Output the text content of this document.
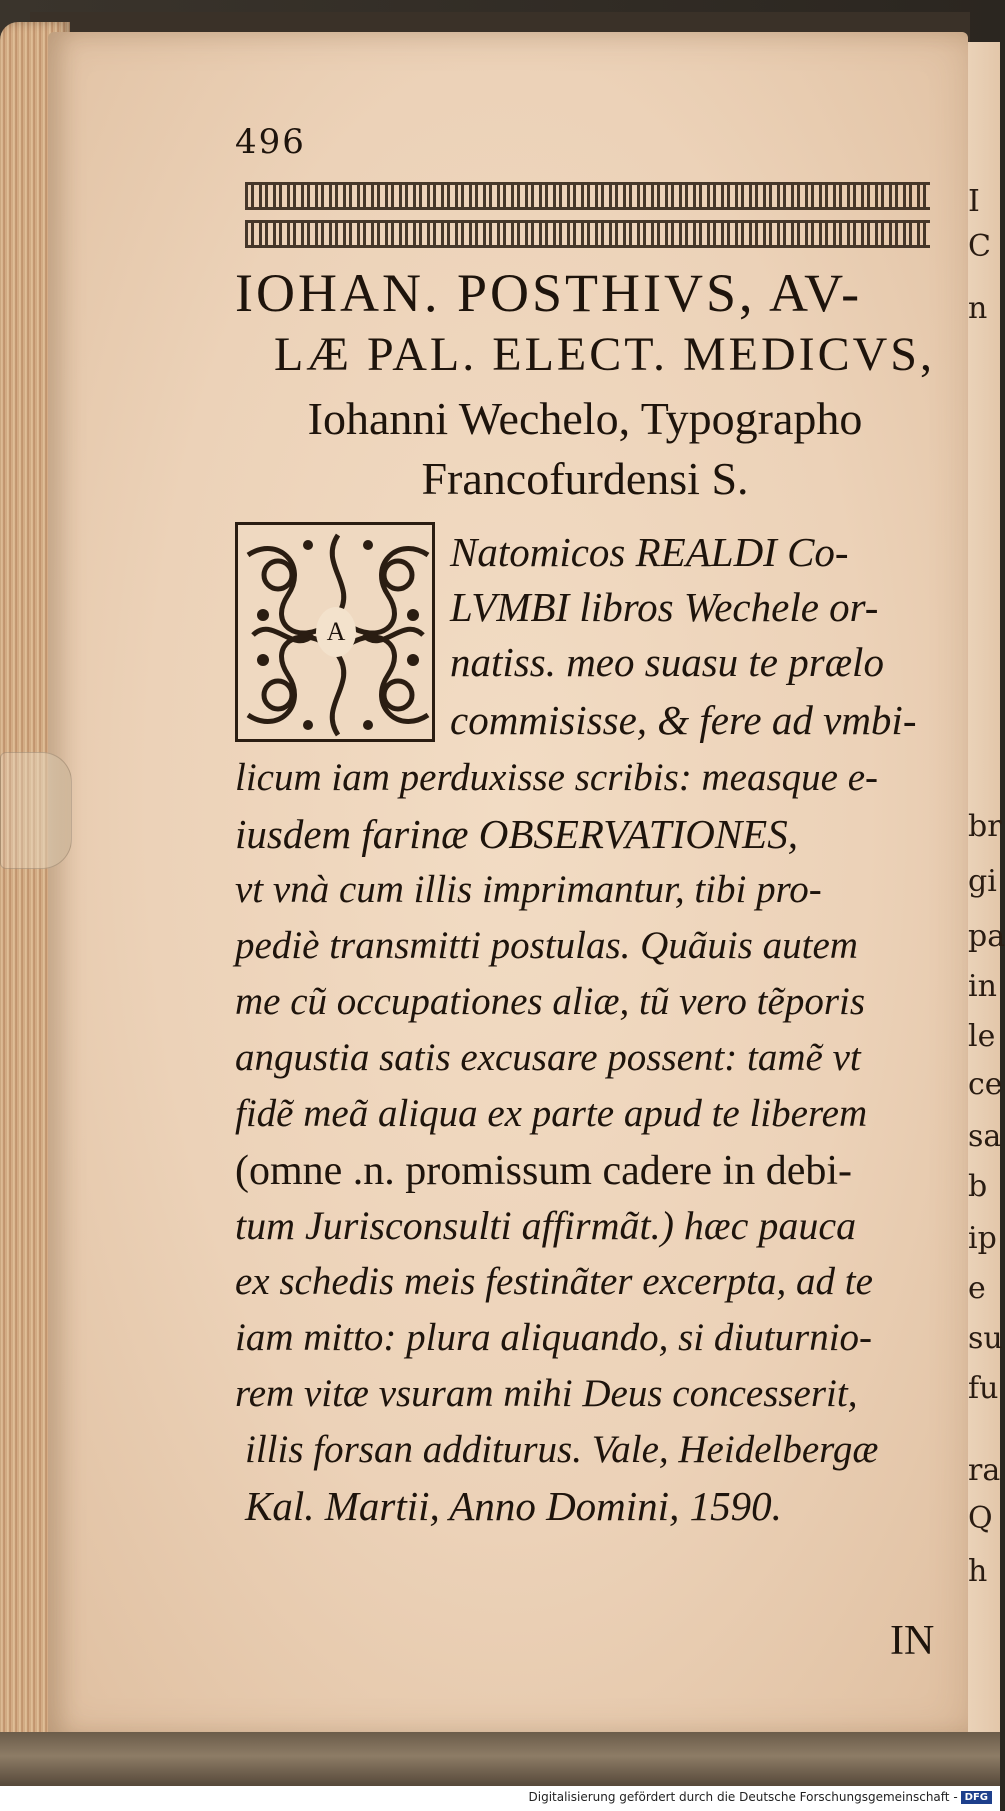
I
C
n
br
gi
pa
in
le
ce
sa
b
ip
e
su
fu
ra
Q
h
496
IOHAN. POSTHIVS, AV-
LÆ PAL. ELECT. MEDICVS,
Iohanni Wechelo, Typographo
Francofurdensi S.
A
Natomicos REALDI Co-
LVMBI libros Wechele or-
natiss. meo suasu te prælo
commisisse, & fere ad vmbi-
licum iam perduxisse scribis: measque e-
iusdem farinæ OBSERVATIONES,
vt vnà cum illis imprimantur, tibi pro-
pediè transmitti postulas. Quãuis autem
me cũ occupationes aliæ, tũ vero tẽporis
angustia satis excusare possent: tamẽ vt
fidẽ meã aliqua ex parte apud te liberem
(omne .n. promissum cadere in debi-
tum Jurisconsulti affirmãt.) hæc pauca
ex schedis meis festinãter excerpta, ad te
iam mitto: plura aliquando, si diuturnio-
rem vitæ vsuram mihi Deus concesserit,
illis forsan additurus. Vale, Heidelbergæ
Kal. Martii, Anno Domini, 1590.
IN
Digitalisierung gefördert durch die Deutsche Forschungsgemeinschaft - DFG
